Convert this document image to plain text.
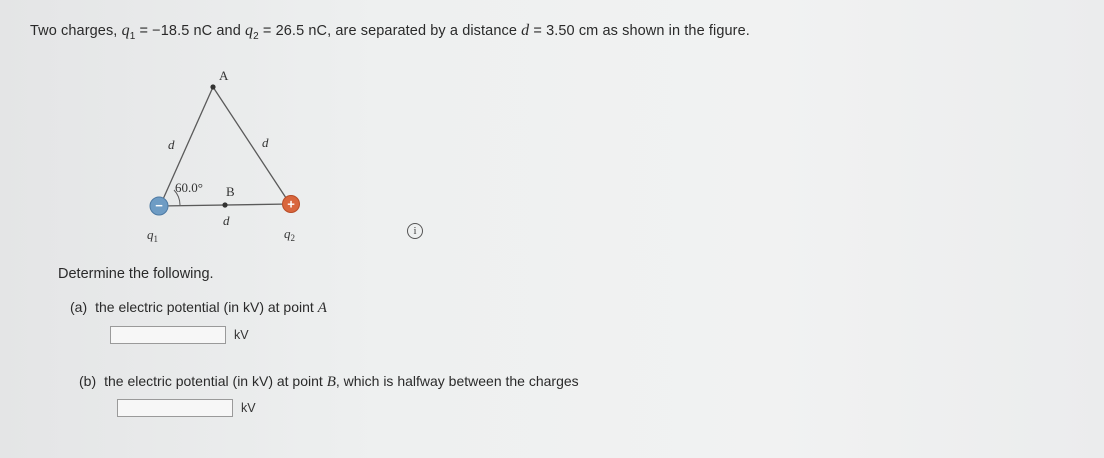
Two charges, $q_1 = -18.5$ nC and $q_2 = 26.5$ nC, are separated by a distance d = 3.50 cm as shown in the figure.
A
B
d	d
d
60.0°
−	+
$q_1$	$q_2$
i
Determine the following.
(a) the electric potential (in kV) at point A
kV
(b) the electric potential (in kV) at point B, which is halfway between the charges
kV
